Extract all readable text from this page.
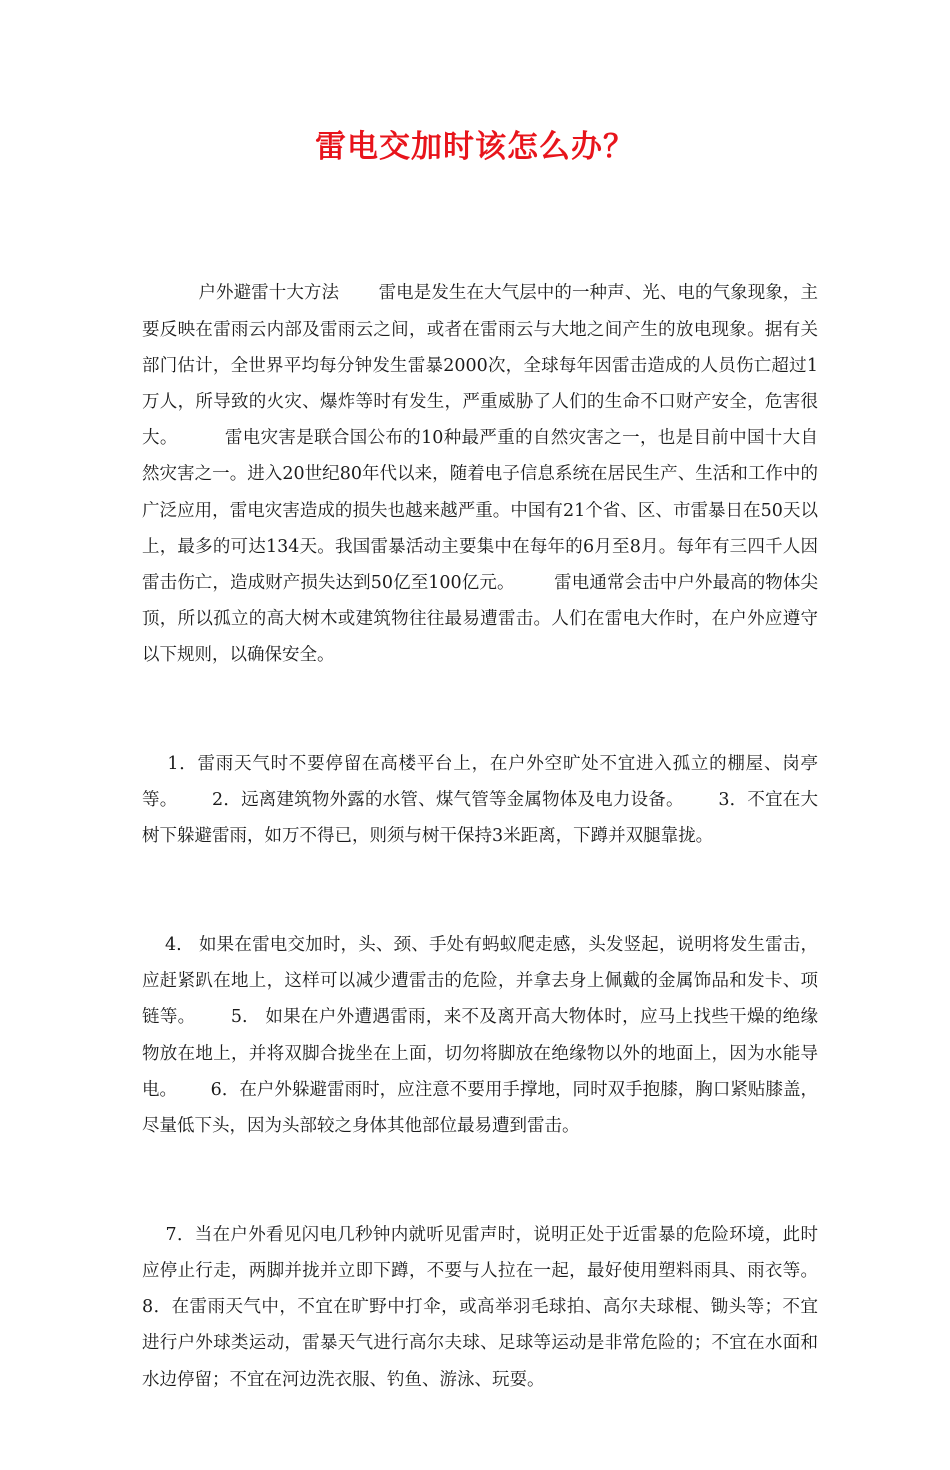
雷电交加时该怎么办？

户外避雷十大方法       雷电是发生在大气层中的一种声、光、电的气象现象，主要反映在雷雨云内部及雷雨云之间，或者在雷雨云与大地之间产生的放电现象。据有关部门估计，全世界平均每分钟发生雷暴2000次，全球每年因雷击造成的人员伤亡超过1万人，所导致的火灾、爆炸等时有发生，严重威胁了人们的生命不口财产安全，危害很大。        雷电灾害是联合国公布的10种最严重的自然灾害之一，也是目前中国十大自然灾害之一。进入20世纪80年代以来，随着电子信息系统在居民生产、生活和工作中的广泛应用，雷电灾害造成的损失也越来越严重。中国有21个省、区、市雷暴日在50天以上，最多的可达134天。我国雷暴活动主要集中在每年的6月至8月。每年有三四千人因雷击伤亡，造成财产损失达到50亿至100亿元。       雷电通常会击中户外最高的物体尖顶，所以孤立的高大树木或建筑物往往最易遭雷击。人们在雷电大作时，在户外应遵守以下规则，以确保安全。

1．雷雨天气时不要停留在高楼平台上，在户外空旷处不宜进入孤立的棚屋、岗亭等。      2．远离建筑物外露的水管、煤气管等金属物体及电力设备。      3．不宜在大树下躲避雷雨，如万不得已，则须与树干保持3米距离，下蹲并双腿靠拢。

4.   如果在雷电交加时，头、颈、手处有蚂蚁爬走感，头发竖起，说明将发生雷击，应赶紧趴在地上，这样可以减少遭雷击的危险，并拿去身上佩戴的金属饰品和发卡、项链等。      5.   如果在户外遭遇雷雨，来不及离开高大物体时，应马上找些干燥的绝缘物放在地上，并将双脚合拢坐在上面，切勿将脚放在绝缘物以外的地面上，因为水能导电。      6．在户外躲避雷雨时，应注意不要用手撑地，同时双手抱膝，胸口紧贴膝盖，尽量低下头，因为头部较之身体其他部位最易遭到雷击。

7．当在户外看见闪电几秒钟内就听见雷声时，说明正处于近雷暴的危险环境，此时应停止行走，两脚并拢并立即下蹲，不要与人拉在一起，最好使用塑料雨具、雨衣等。      8．在雷雨天气中，不宜在旷野中打伞，或高举羽毛球拍、高尔夫球棍、锄头等；不宜进行户外球类运动，雷暴天气进行高尔夫球、足球等运动是非常危险的；不宜在水面和水边停留；不宜在河边洗衣服、钓鱼、游泳、玩耍。
